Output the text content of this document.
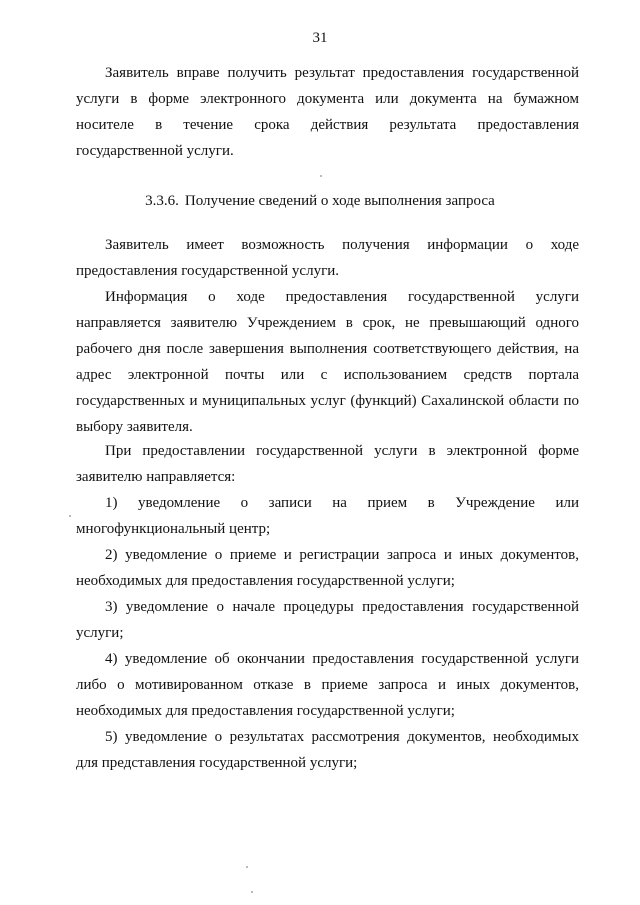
31

Заявитель вправе получить результат предоставления государственной услуги в форме электронного документа или документа на бумажном носителе в течение срока действия результата предоставления государственной услуги.

3.3.6. Получение сведений о ходе выполнения запроса

Заявитель имеет возможность получения информации о ходе предоставления государственной услуги.

Информация о ходе предоставления государственной услуги направляется заявителю Учреждением в срок, не превышающий одного рабочего дня после завершения выполнения соответствующего действия, на адрес электронной почты или с использованием средств портала государственных и муниципальных услуг (функций) Сахалинской области по выбору заявителя.

При предоставлении государственной услуги в электронной форме заявителю направляется:

1) уведомление о записи на прием в Учреждение или многофункциональный центр;

2) уведомление о приеме и регистрации запроса и иных документов, необходимых для предоставления государственной услуги;

3) уведомление о начале процедуры предоставления государственной услуги;

4) уведомление об окончании предоставления государственной услуги либо о мотивированном отказе в приеме запроса и иных документов, необходимых для предоставления государственной услуги;

5) уведомление о результатах рассмотрения документов, необходимых для представления государственной услуги;
